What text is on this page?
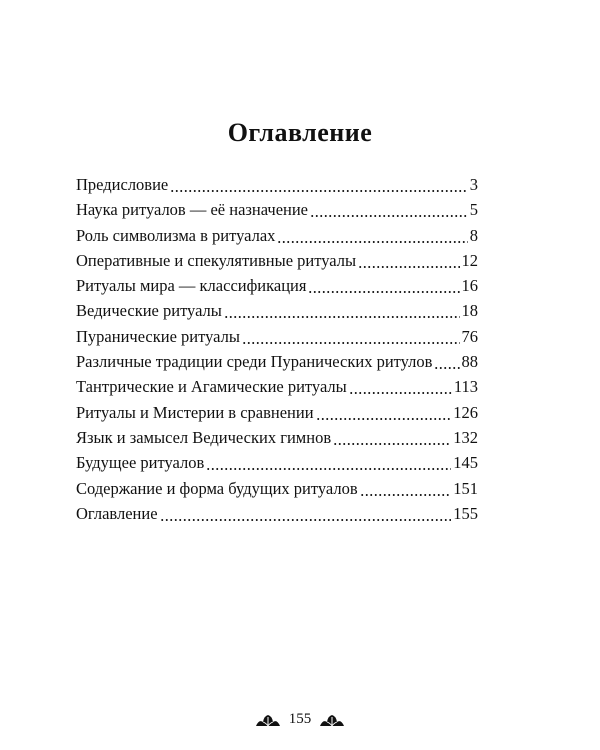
Оглавление
Предисловие	3
Наука ритуалов — её назначение	5
Роль символизма в ритуалах	8
Оперативные и спекулятивные ритуалы	12
Ритуалы мира — классификация	16
Ведические ритуалы	18
Пуранические ритуалы	76
Различные традиции среди Пуранических ритулов 88
Тантрические и Агамические ритуалы	113
Ритуалы и Мистерии в сравнении	126
Язык и замысел Ведических гимнов	132
Будущее ритуалов	145
Содержание и форма будущих ритуалов	151
Оглавление	155
155
